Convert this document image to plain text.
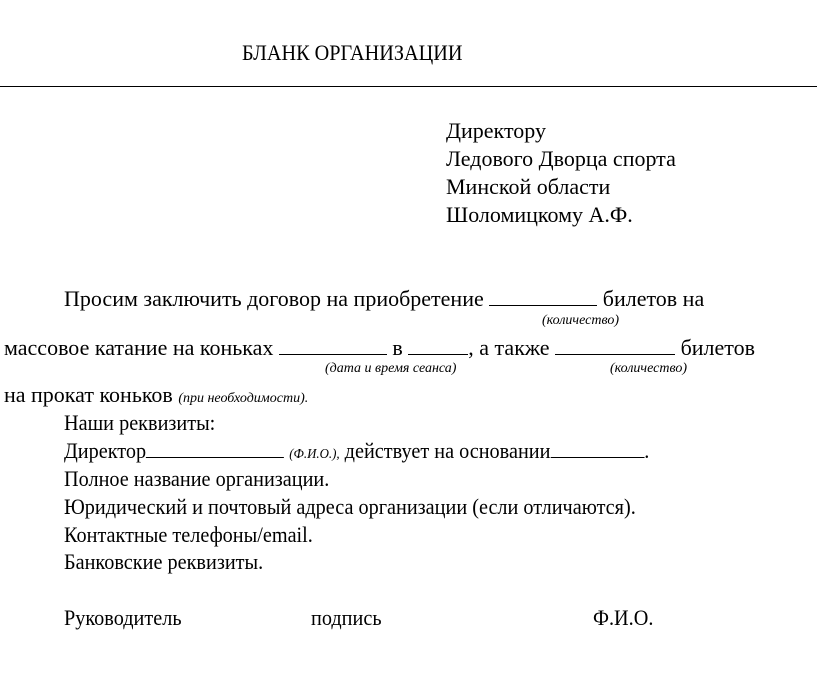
БЛАНК ОРГАНИЗАЦИИ
Директору
Ледового Дворца спорта
Минской области
Шоломицкому А.Ф.
Просим заключить договор на приобретение	билетов на
(количество)
массовое катание на коньках	в	, а также	билетов
(дата и время сеанса)	(количество)
на прокат коньков (при необходимости).
Наши реквизиты:
Директор	(Ф.И.О.), действует на основании	.
Полное название организации.
Юридический и почтовый адреса организации (если отличаются).
Контактные телефоны/email.
Банковские реквизиты.
Руководитель	подпись	Ф.И.О.
